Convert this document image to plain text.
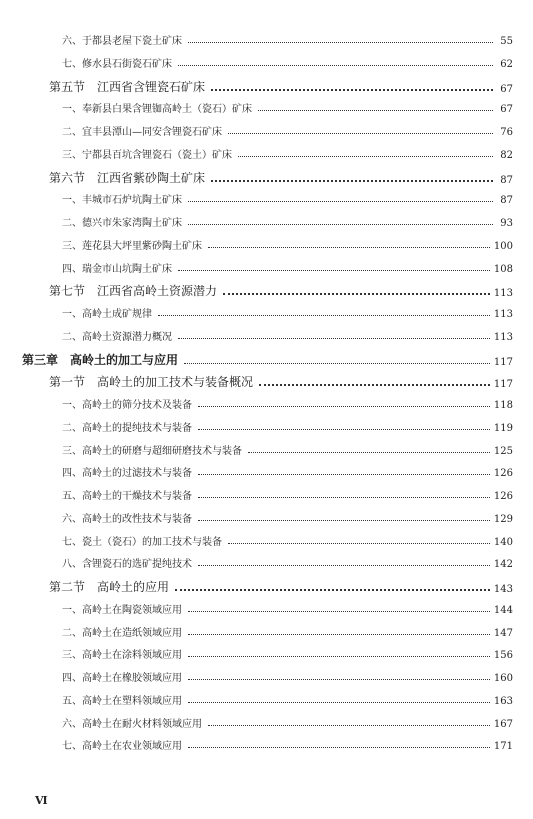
六、于都县老屋下瓷土矿床	55
七、修水县石街瓷石矿床	62
第五节　江西省含锂瓷石矿床	67
一、奉新县白果含锂铷高岭土（瓷石）矿床	67
二、宜丰县潭山—同安含锂瓷石矿床	76
三、宁都县百坑含锂瓷石（瓷土）矿床	82
第六节　江西省紫砂陶土矿床	87
一、丰城市石炉坑陶土矿床	87
二、德兴市朱家湾陶土矿床	93
三、莲花县大坪里紫砂陶土矿床	100
四、瑞金市山坑陶土矿床	108
第七节　江西省高岭土资源潜力	113
一、高岭土成矿规律	113
二、高岭土资源潜力概况	113
第三章　高岭土的加工与应用	117
第一节　高岭土的加工技术与装备概况	117
一、高岭土的筛分技术及装备	118
二、高岭土的提纯技术与装备	119
三、高岭土的研磨与超细研磨技术与装备	125
四、高岭土的过滤技术与装备	126
五、高岭土的干燥技术与装备	126
六、高岭土的改性技术与装备	129
七、瓷土（瓷石）的加工技术与装备	140
八、含锂瓷石的选矿提纯技术	142
第二节　高岭土的应用	143
一、高岭土在陶瓷领域应用	144
二、高岭土在造纸领域应用	147
三、高岭土在涂料领域应用	156
四、高岭土在橡胶领域应用	160
五、高岭土在塑料领域应用	163
六、高岭土在耐火材料领域应用	167
七、高岭土在农业领域应用	171
Ⅵ
